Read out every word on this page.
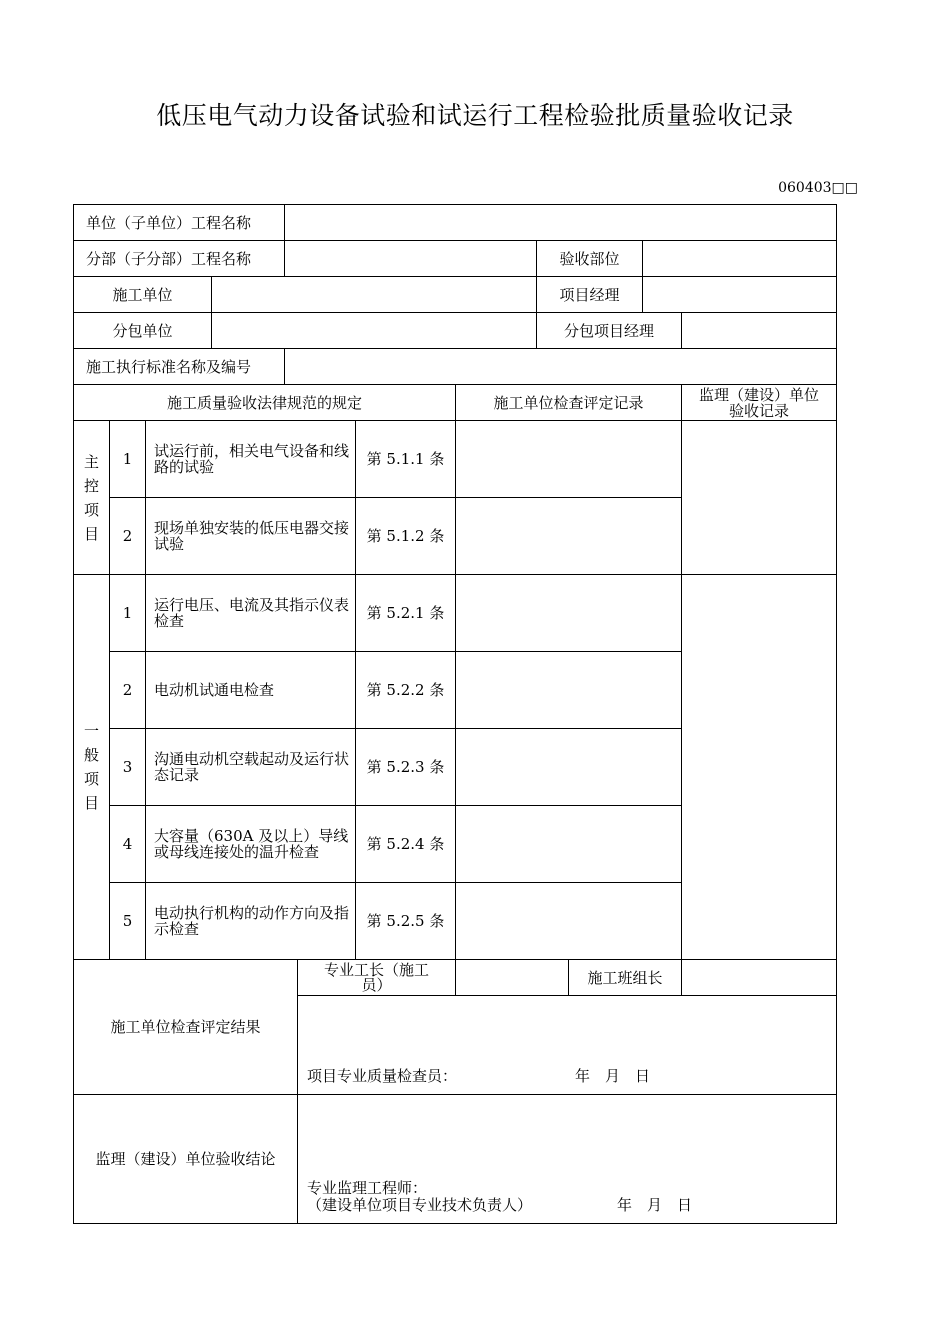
低压电气动力设备试验和试运行工程检验批质量验收记录
060403□□
单位（子单位）工程名称
分部（子分部）工程名称	验收部位
施工单位	项目经理
分包单位	分包项目经理
施工执行标准名称及编号
施工质量验收法律规范的规定	施工单位检查评定记录	监理（建设）单位
验收记录
主
控
项
目
1	试运行前，相关电气设备和线路的试验	第 5.1.1 条
2	现场单独安装的低压电器交接试验	第 5.1.2 条
一
般
项
目
1	运行电压、电流及其指示仪表检查	第 5.2.1 条
2	电动机试通电检查	第 5.2.2 条
3	沟通电动机空载起动及运行状态记录	第 5.2.3 条
4	大容量（630A 及以上）导线或母线连接处的温升检查	第 5.2.4 条
5	电动执行机构的动作方向及指示检查	第 5.2.5 条
施工单位检查评定结果
专业工长（施工
员）	施工班组长
项目专业质量检查员：	年　月　日
监理（建设）单位验收结论
专业监理工程师：
（建设单位项目专业技术负责人）	年　月　日
